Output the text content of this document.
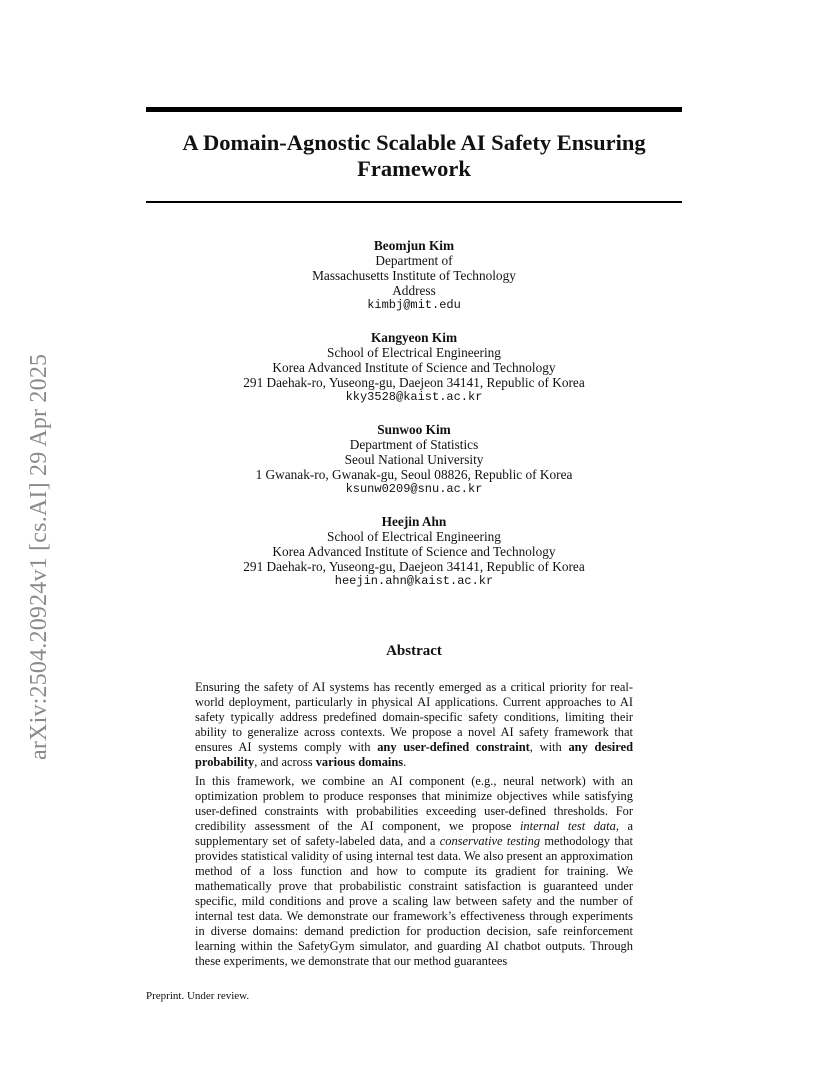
A Domain-Agnostic Scalable AI Safety Ensuring
Framework
arXiv:2504.20924v1 [cs.AI] 29 Apr 2025
Beomjun Kim
Department of
Massachusetts Institute of Technology
Address
kimbj@mit.edu
Kangyeon Kim
School of Electrical Engineering
Korea Advanced Institute of Science and Technology
291 Daehak-ro, Yuseong-gu, Daejeon 34141, Republic of Korea
kky3528@kaist.ac.kr
Sunwoo Kim
Department of Statistics
Seoul National University
1 Gwanak-ro, Gwanak-gu, Seoul 08826, Republic of Korea
ksunw0209@snu.ac.kr
Heejin Ahn
School of Electrical Engineering
Korea Advanced Institute of Science and Technology
291 Daehak-ro, Yuseong-gu, Daejeon 34141, Republic of Korea
heejin.ahn@kaist.ac.kr
Abstract

Ensuring the safety of AI systems has recently emerged as a critical priority for real-world deployment, particularly in physical AI applications. Current approaches to AI safety typically address predefined domain-specific safety conditions, limiting their ability to generalize across contexts. We propose a novel AI safety framework that ensures AI systems comply with any user-defined constraint, with any desired probability, and across various domains.

In this framework, we combine an AI component (e.g., neural network) with an optimization problem to produce responses that minimize objectives while satisfying user-defined constraints with probabilities exceeding user-defined thresholds. For credibility assessment of the AI component, we propose internal test data, a supplementary set of safety-labeled data, and a conservative testing methodology that provides statistical validity of using internal test data. We also present an approximation method of a loss function and how to compute its gradient for training. We mathematically prove that probabilistic constraint satisfaction is guaranteed under specific, mild conditions and prove a scaling law between safety and the number of internal test data. We demonstrate our framework’s effectiveness through experiments in diverse domains: demand prediction for production decision, safe reinforcement learning within the SafetyGym simulator, and guarding AI chatbot outputs. Through these experiments, we demonstrate that our method guarantees

Preprint. Under review.
